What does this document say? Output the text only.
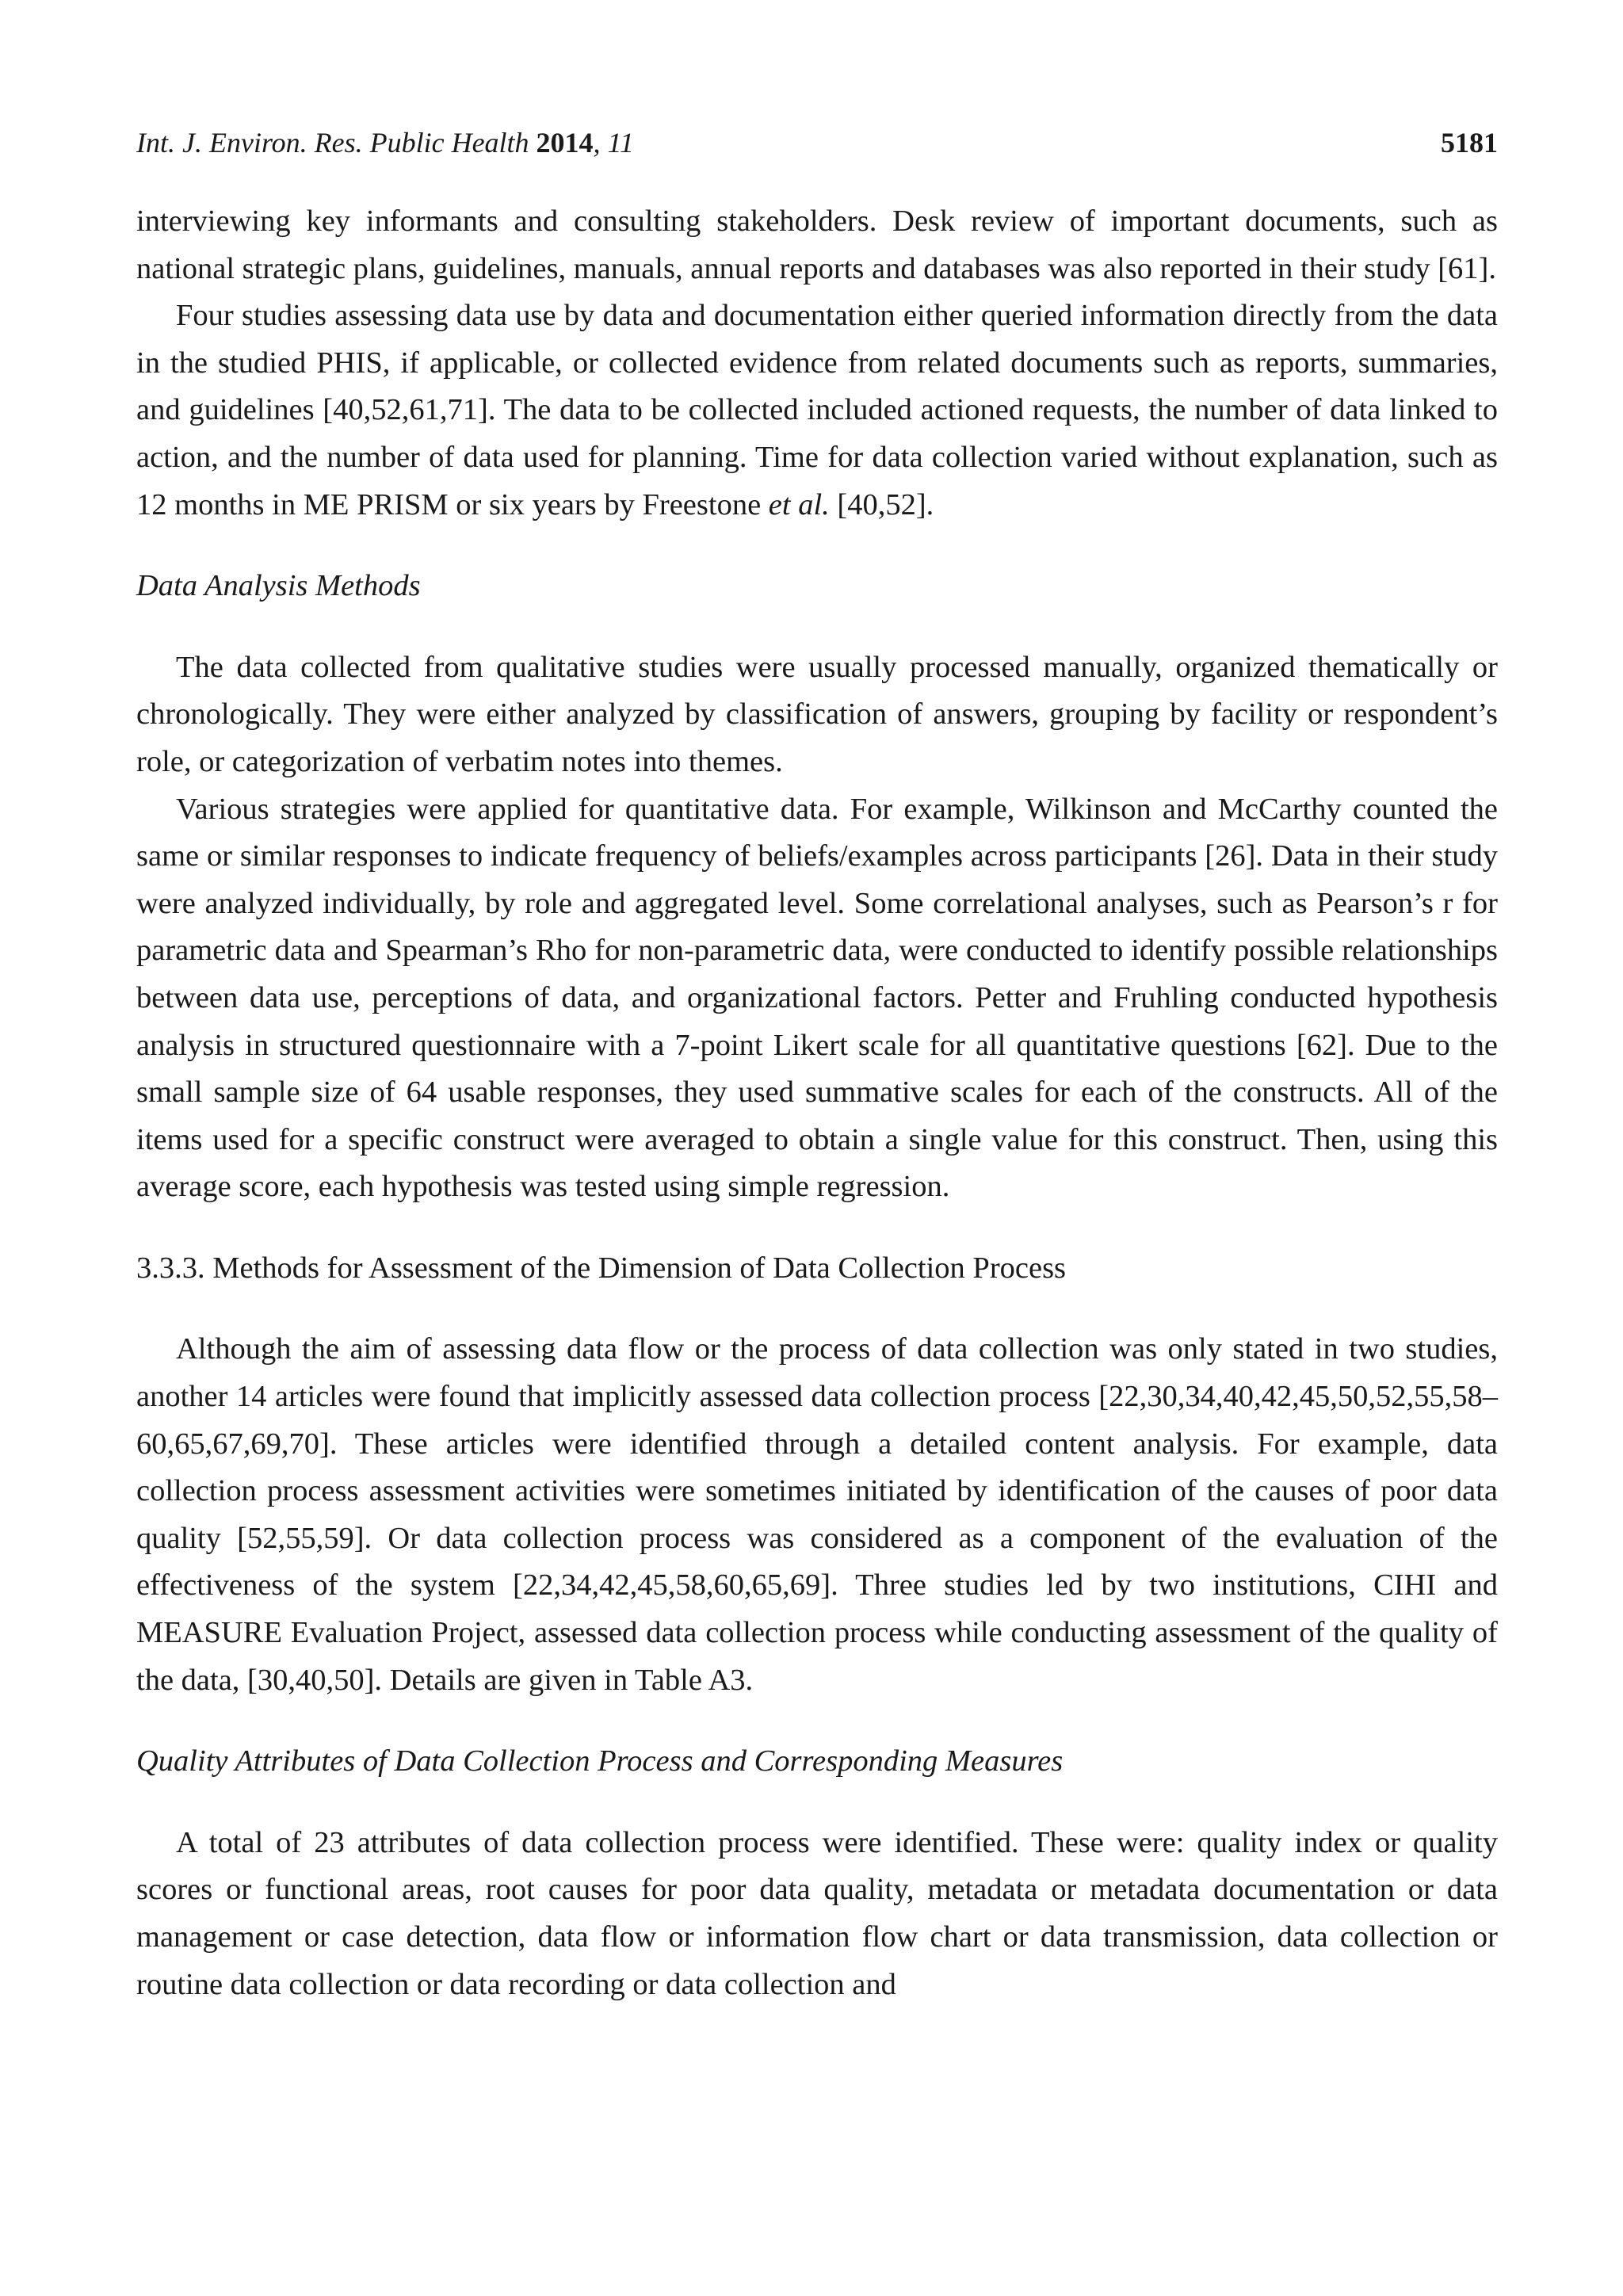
Int. J. Environ. Res. Public Health 2014, 11	5181

interviewing key informants and consulting stakeholders. Desk review of important documents, such as national strategic plans, guidelines, manuals, annual reports and databases was also reported in their study [61].

Four studies assessing data use by data and documentation either queried information directly from the data in the studied PHIS, if applicable, or collected evidence from related documents such as reports, summaries, and guidelines [40,52,61,71]. The data to be collected included actioned requests, the number of data linked to action, and the number of data used for planning. Time for data collection varied without explanation, such as 12 months in ME PRISM or six years by Freestone et al. [40,52].

Data Analysis Methods

The data collected from qualitative studies were usually processed manually, organized thematically or chronologically. They were either analyzed by classification of answers, grouping by facility or respondent’s role, or categorization of verbatim notes into themes.

Various strategies were applied for quantitative data. For example, Wilkinson and McCarthy counted the same or similar responses to indicate frequency of beliefs/examples across participants [26]. Data in their study were analyzed individually, by role and aggregated level. Some correlational analyses, such as Pearson’s r for parametric data and Spearman’s Rho for non-parametric data, were conducted to identify possible relationships between data use, perceptions of data, and organizational factors. Petter and Fruhling conducted hypothesis analysis in structured questionnaire with a 7-point Likert scale for all quantitative questions [62]. Due to the small sample size of 64 usable responses, they used summative scales for each of the constructs. All of the items used for a specific construct were averaged to obtain a single value for this construct. Then, using this average score, each hypothesis was tested using simple regression.

3.3.3. Methods for Assessment of the Dimension of Data Collection Process

Although the aim of assessing data flow or the process of data collection was only stated in two studies, another 14 articles were found that implicitly assessed data collection process [22,30,34,40,42,45,50,52,55,58–60,65,67,69,70]. These articles were identified through a detailed content analysis. For example, data collection process assessment activities were sometimes initiated by identification of the causes of poor data quality [52,55,59]. Or data collection process was considered as a component of the evaluation of the effectiveness of the system [22,34,42,45,58,60,65,69]. Three studies led by two institutions, CIHI and MEASURE Evaluation Project, assessed data collection process while conducting assessment of the quality of the data, [30,40,50]. Details are given in Table A3.

Quality Attributes of Data Collection Process and Corresponding Measures

A total of 23 attributes of data collection process were identified. These were: quality index or quality scores or functional areas, root causes for poor data quality, metadata or metadata documentation or data management or case detection, data flow or information flow chart or data transmission, data collection or routine data collection or data recording or data collection and
